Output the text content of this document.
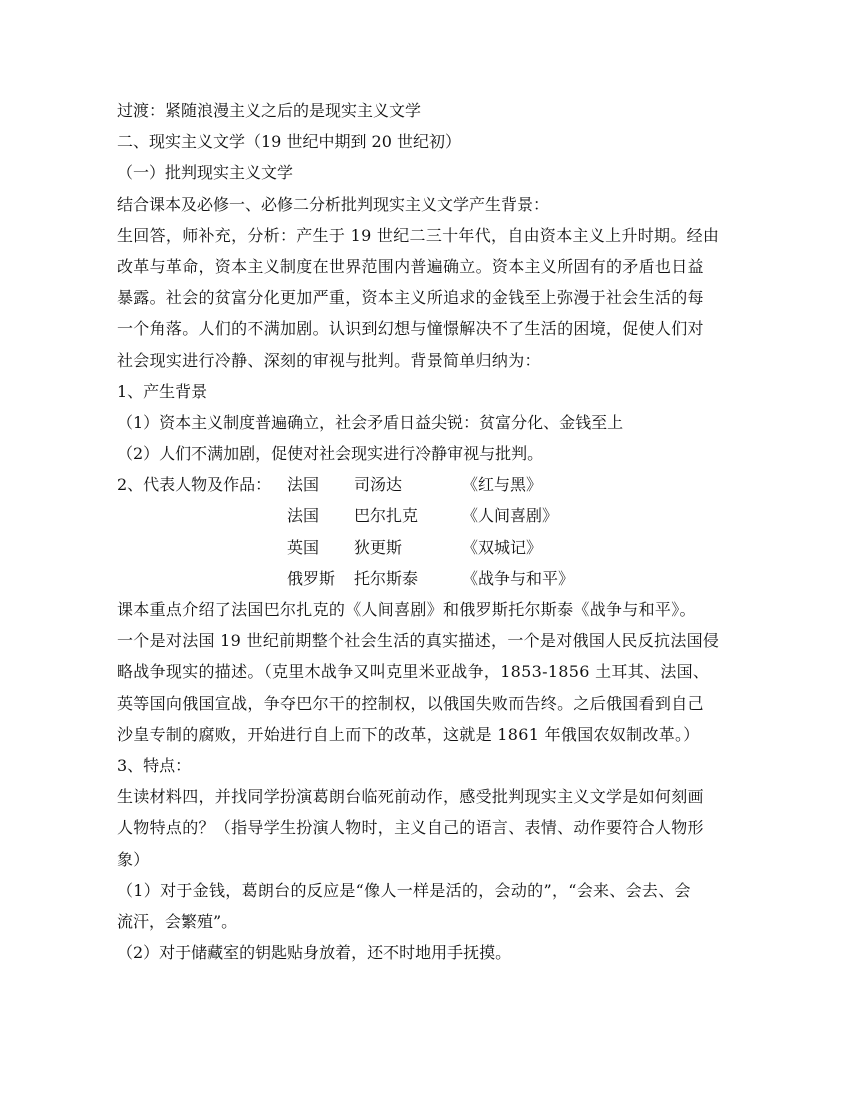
过渡：紧随浪漫主义之后的是现实主义文学

二、现实主义文学（19 世纪中期到 20 世纪初）

（一）批判现实主义文学

结合课本及必修一、必修二分析批判现实主义文学产生背景：

生回答，师补充，分析：产生于 19 世纪二三十年代，自由资本主义上升时期。经由

改革与革命，资本主义制度在世界范围内普遍确立。资本主义所固有的矛盾也日益

暴露。社会的贫富分化更加严重，资本主义所追求的金钱至上弥漫于社会生活的每

一个角落。人们的不满加剧。认识到幻想与憧憬解决不了生活的困境，促使人们对

社会现实进行冷静、深刻的审视与批判。背景简单归纳为：

1、产生背景

（1）资本主义制度普遍确立，社会矛盾日益尖锐：贫富分化、金钱至上

（2）人们不满加剧，促使对社会现实进行冷静审视与批判。

2、代表人物及作品： 法国	司汤达	《红与黑》
法国	巴尔扎克	《人间喜剧》
英国	狄更斯	《双城记》
俄罗斯	托尔斯泰	《战争与和平》

课本重点介绍了法国巴尔扎克的《人间喜剧》和俄罗斯托尔斯泰《战争与和平》。

一个是对法国 19 世纪前期整个社会生活的真实描述，一个是对俄国人民反抗法国侵

略战争现实的描述。（克里木战争又叫克里米亚战争，1853-1856 土耳其、法国、

英等国向俄国宣战，争夺巴尔干的控制权，以俄国失败而告终。之后俄国看到自己

沙皇专制的腐败，开始进行自上而下的改革，这就是 1861 年俄国农奴制改革。）

3、特点：

生读材料四，并找同学扮演葛朗台临死前动作，感受批判现实主义文学是如何刻画

人物特点的？（指导学生扮演人物时，主义自己的语言、表情、动作要符合人物形

象）

（1）对于金钱，葛朗台的反应是“像人一样是活的，会动的”，“会来、会去、会

流汗，会繁殖”。

（2）对于储藏室的钥匙贴身放着，还不时地用手抚摸。
